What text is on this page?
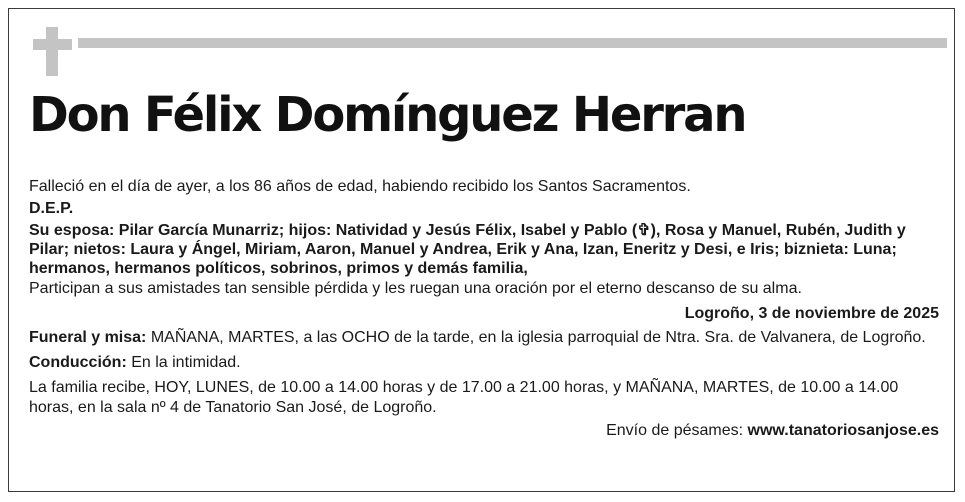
Don Félix Domínguez Herran

Falleció en el día de ayer, a los 86 años de edad, habiendo recibido los Santos Sacramentos.

D.E.P.

Su esposa: Pilar García Munarriz; hijos: Natividad y Jesús Félix, Isabel y Pablo (✞), Rosa y Manuel, Rubén, Judith y Pilar; nietos: Laura y Ángel, Miriam, Aaron, Manuel y Andrea, Erik y Ana, Izan, Eneritz y Desi, e Iris; biznieta: Luna; hermanos, hermanos políticos, sobrinos, primos y demás familia,

Participan a sus amistades tan sensible pérdida y les ruegan una oración por el eterno descanso de su alma.

Logroño, 3 de noviembre de 2025

Funeral y misa: MAÑANA, MARTES, a las OCHO de la tarde, en la iglesia parroquial de Ntra. Sra. de Valvanera, de Logroño.

Conducción: En la intimidad.

La familia recibe, HOY, LUNES, de 10.00 a 14.00 horas y de 17.00 a 21.00 horas, y MAÑANA, MARTES, de 10.00 a 14.00 horas, en la sala nº 4 de Tanatorio San José, de Logroño.

Envío de pésames: www.tanatoriosanjose.es
